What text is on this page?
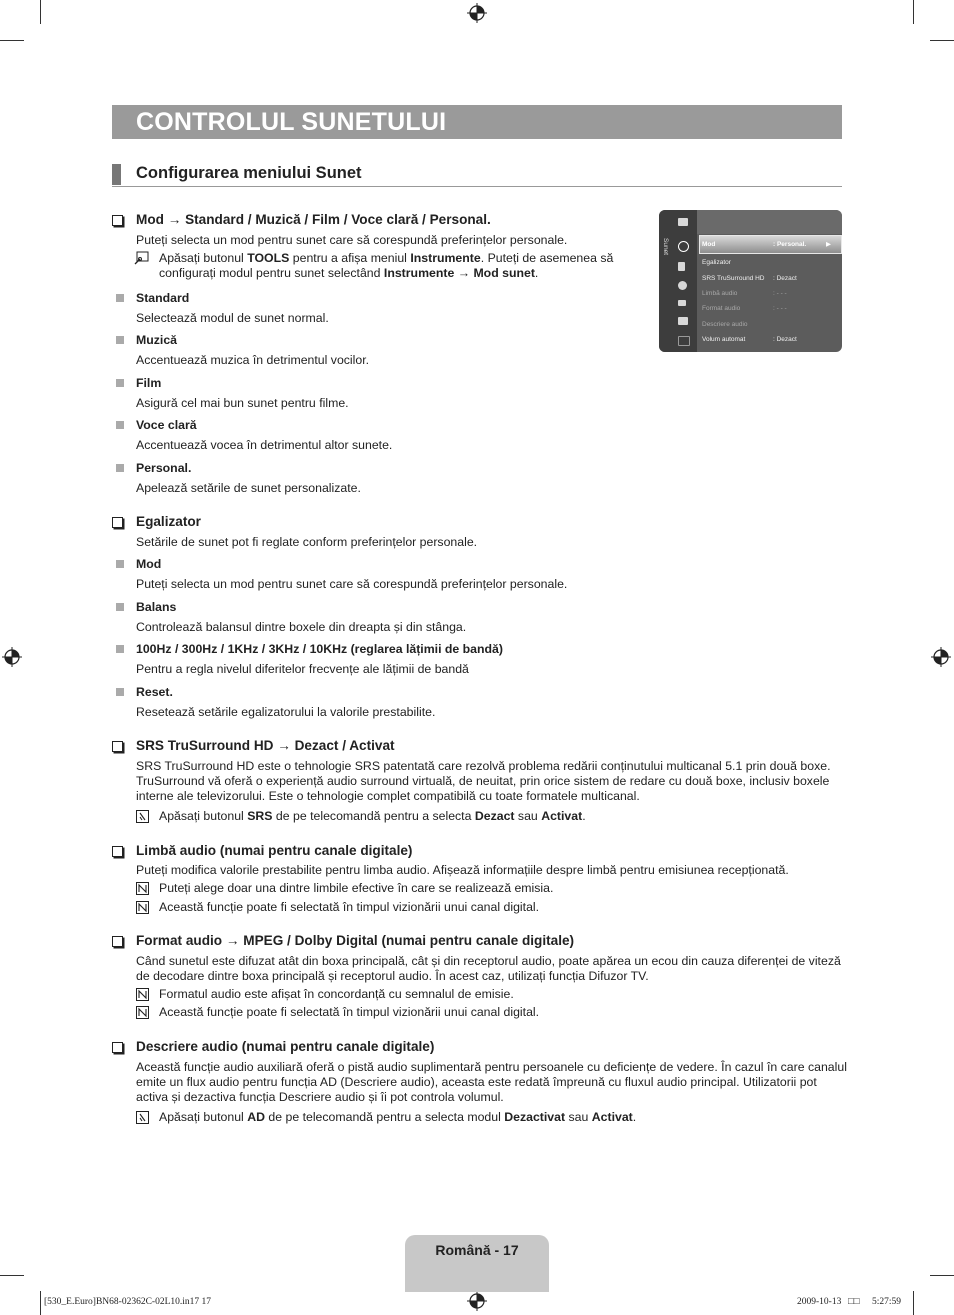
CONTROLUL SUNETULUI
Configurarea meniului Sunet
Mod → Standard / Muzică / Film / Voce clară / Personal.
Puteți selecta un mod pentru sunet care să corespundă preferințelor personale.
Apăsați butonul TOOLS pentru a afișa meniul Instrumente. Puteți de asemenea să
configurați modul pentru sunet selectând Instrumente → Mod sunet.
Standard
Selectează modul de sunet normal.
Muzică
Accentuează muzica în detrimentul vocilor.
Film
Asigură cel mai bun sunet pentru filme.
Voce clară
Accentuează vocea în detrimentul altor sunete.
Personal.
Apelează setările de sunet personalizate.
Egalizator
Setările de sunet pot fi reglate conform preferințelor personale.
Mod
Puteți selecta un mod pentru sunet care să corespundă preferințelor personale.
Balans
Controlează balansul dintre boxele din dreapta și din stânga.
100Hz / 300Hz / 1KHz / 3KHz / 10KHz (reglarea lățimii de bandă)
Pentru a regla nivelul diferitelor frecvențe ale lățimii de bandă
Reset.
Resetează setările egalizatorului la valorile prestabilite.
SRS TruSurround HD → Dezact / Activat
SRS TruSurround HD este o tehnologie SRS patentată care rezolvă problema redării conținutului multicanal 5.1 prin două boxe.
TruSurround vă oferă o experiență audio surround virtuală, de neuitat, prin orice sistem de redare cu două boxe, inclusiv boxele
interne ale televizorului. Este o tehnologie complet compatibilă cu toate formatele multicanal.
Apăsați butonul SRS de pe telecomandă pentru a selecta Dezact sau Activat.
Limbă audio (numai pentru canale digitale)
Puteți modifica valorile prestabilite pentru limba audio. Afișează informațiile despre limbă pentru emisiunea recepționată.
Puteți alege doar una dintre limbile efective în care se realizează emisia.
Această funcție poate fi selectată în timpul vizionării unui canal digital.
Format audio → MPEG / Dolby Digital (numai pentru canale digitale)
Când sunetul este difuzat atât din boxa principală, cât și din receptorul audio, poate apărea un ecou din cauza diferenței de viteză
de decodare dintre boxa principală și receptorul audio. În acest caz, utilizați funcția Difuzor TV.
Formatul audio este afișat în concordanță cu semnalul de emisie.
Această funcție poate fi selectată în timpul vizionării unui canal digital.
Descriere audio (numai pentru canale digitale)
Această funcție audio auxiliară oferă o pistă audio suplimentară pentru persoanele cu deficiențe de vedere. În cazul în care canalul
emite un flux audio pentru funcția AD (Descriere audio), aceasta este redată împreună cu fluxul audio principal. Utilizatorii pot
activa și dezactiva funcția Descriere audio și îi pot controla volumul.
Apăsați butonul AD de pe telecomandă pentru a selecta modul Dezactivat sau Activat.
Sunet	Mod	: Personal.	▶
Egalizator
SRS TruSurround HD : Dezact
Limbă audio	: - - -
Format audio	: - - -
Descriere audio
Volum automat	: Dezact
Română - 17
[530_E.Euro]BN68-02362C-02L10.in17 17	2009-10-13 □□ 5:27:59
